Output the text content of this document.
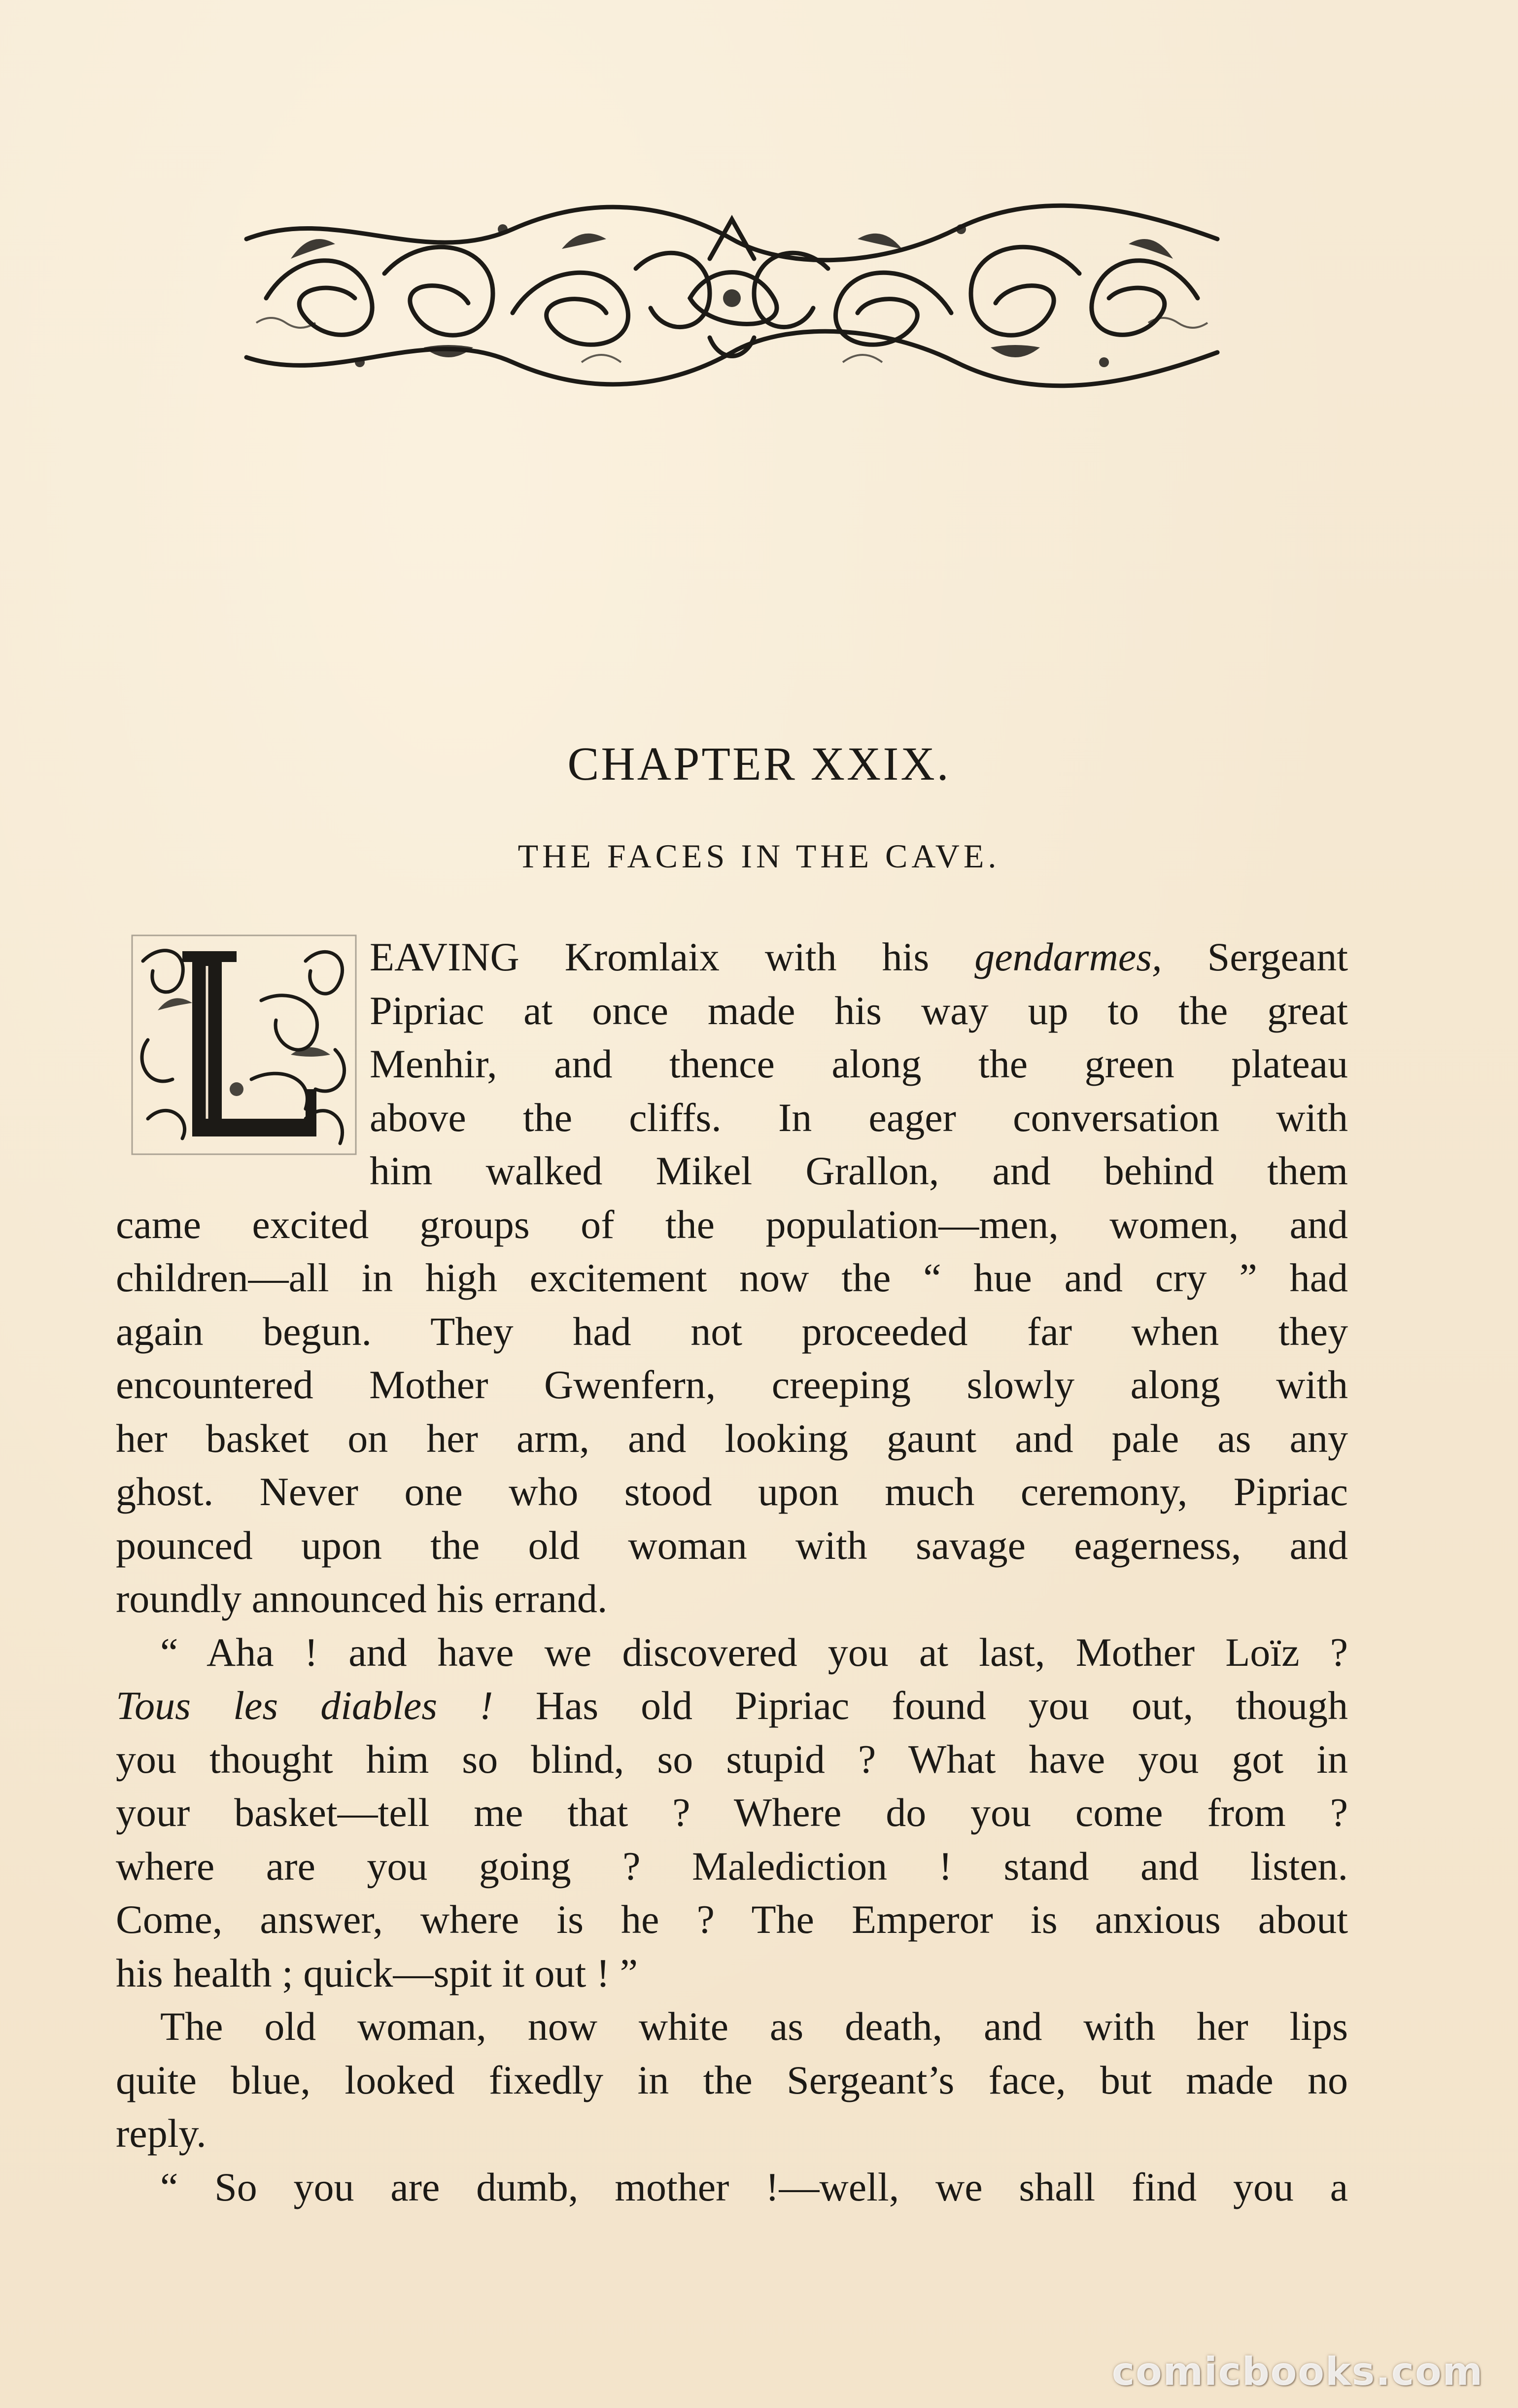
CHAPTER XXIX.
THE FACES IN THE CAVE.
EAVING Kromlaix with his gendarmes, Sergeant
Pipriac at once made his way up to the great
Menhir, and thence along the green plateau
above the cliffs. In eager conversation with
him walked Mikel Grallon, and behind them
came excited groups of the population—men, women, and
children—all in high excitement now the “ hue and cry ” had
again begun. They had not proceeded far when they
encountered Mother Gwenfern, creeping slowly along with
her basket on her arm, and looking gaunt and pale as any
ghost. Never one who stood upon much ceremony, Pipriac
pounced upon the old woman with savage eagerness, and
roundly announced his errand.
“ Aha ! and have we discovered you at last, Mother Loïz ?
Tous les diables ! Has old Pipriac found you out, though
you thought him so blind, so stupid ? What have you got in
your basket—tell me that ? Where do you come from ?
where are you going ? Malediction ! stand and listen.
Come, answer, where is he ? The Emperor is anxious about
his health ; quick—spit it out ! ”
The old woman, now white as death, and with her lips
quite blue, looked fixedly in the Sergeant’s face, but made no
reply.
“ So you are dumb, mother !—well, we shall find you a
comicbooks.com
